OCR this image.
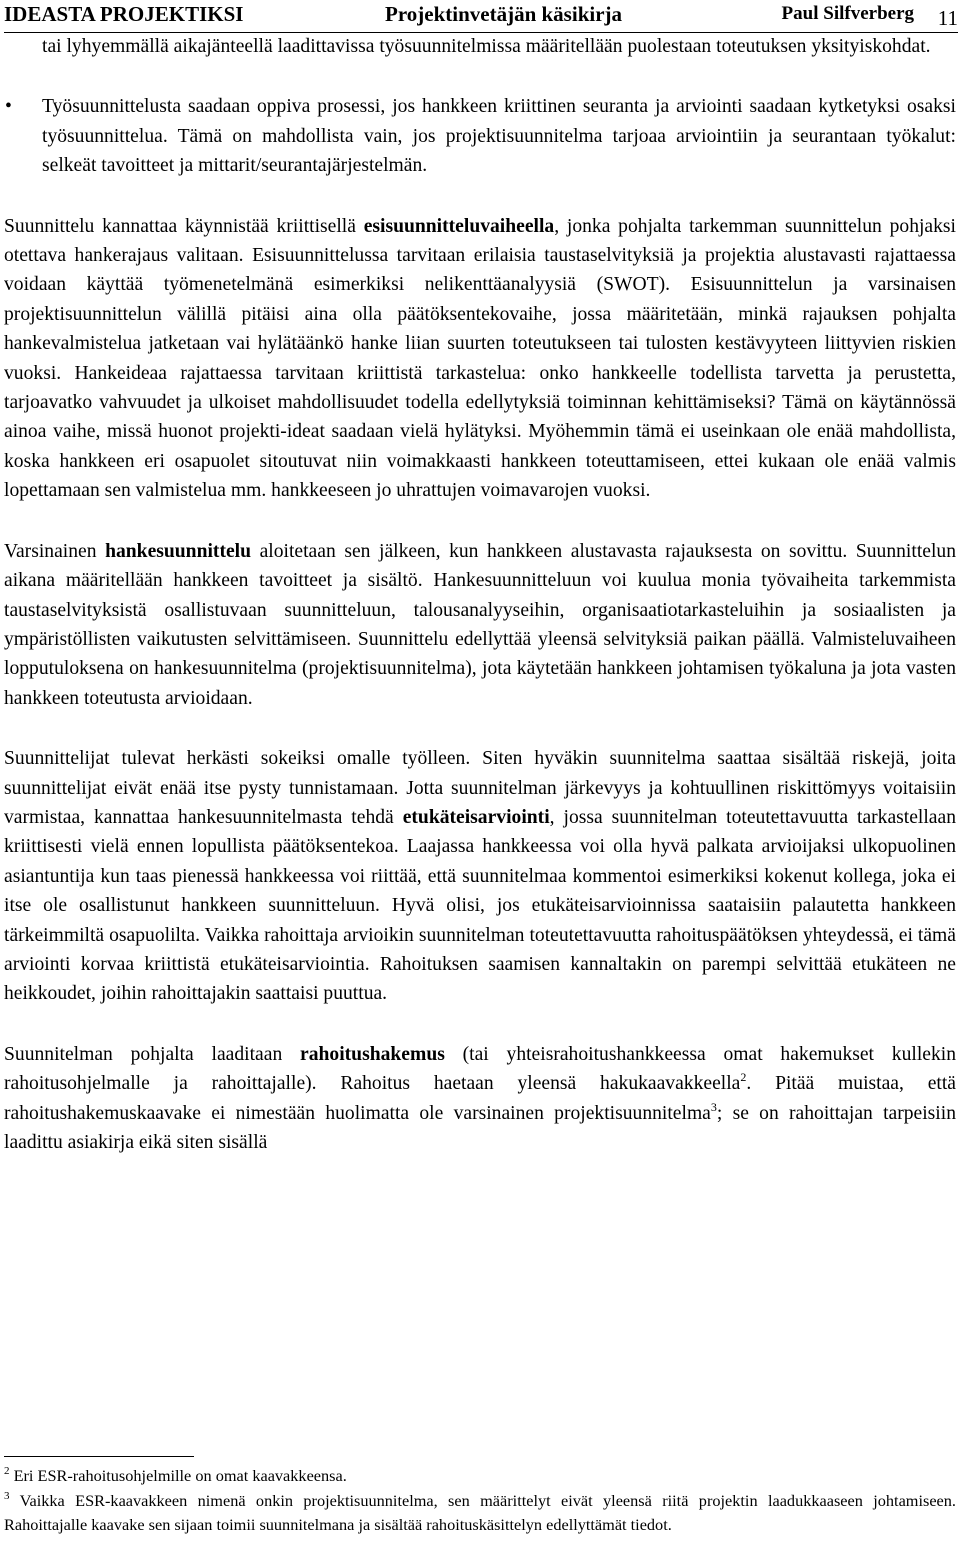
IDEASTA PROJEKTIKSI	Projektinvetäjän käsikirja	Paul Silfverberg 11

tai lyhyemmällä aikajänteellä laadittavissa työsuunnitelmissa määritellään puolestaan toteutuksen yksityiskohdat.

• Työsuunnittelusta saadaan oppiva prosessi, jos hankkeen kriittinen seuranta ja arviointi saadaan kytketyksi osaksi työsuunnittelua. Tämä on mahdollista vain, jos projektisuunnitelma tarjoaa arviointiin ja seurantaan työkalut: selkeät tavoitteet ja mittarit/seurantajärjestelmän.

Suunnittelu kannattaa käynnistää kriittisellä esisuunnitteluvaiheella, jonka pohjalta tarkemman suunnittelun pohjaksi otettava hankerajaus valitaan. Esisuunnittelussa tarvitaan erilaisia taustaselvityksiä ja projektia alustavasti rajattaessa voidaan käyttää työmenetelmänä esimerkiksi nelikenttäanalyysiä (SWOT). Esisuunnittelun ja varsinaisen projektisuunnittelun välillä pitäisi aina olla päätöksentekovaihe, jossa määritetään, minkä rajauksen pohjalta hankevalmistelua jatketaan vai hylätäänkö hanke liian suurten toteutukseen tai tulosten kestävyyteen liittyvien riskien vuoksi. Hankeideaa rajattaessa tarvitaan kriittistä tarkastelua: onko hankkeelle todellista tarvetta ja perustetta, tarjoavatko vahvuudet ja ulkoiset mahdollisuudet todella edellytyksiä toiminnan kehittämiseksi? Tämä on käytännössä ainoa vaihe, missä huonot projekti-ideat saadaan vielä hylätyksi. Myöhemmin tämä ei useinkaan ole enää mahdollista, koska hankkeen eri osapuolet sitoutuvat niin voimakkaasti hankkeen toteuttamiseen, ettei kukaan ole enää valmis lopettamaan sen valmistelua mm. hankkeeseen jo uhrattujen voimavarojen vuoksi.

Varsinainen hankesuunnittelu aloitetaan sen jälkeen, kun hankkeen alustavasta rajauksesta on sovittu. Suunnittelun aikana määritellään hankkeen tavoitteet ja sisältö. Hankesuunnitteluun voi kuulua monia työvaiheita tarkemmista taustaselvityksistä osallistuvaan suunnitteluun, talousanalyyseihin, organisaatiotarkasteluihin ja sosiaalisten ja ympäristöllisten vaikutusten selvittämiseen. Suunnittelu edellyttää yleensä selvityksiä paikan päällä. Valmisteluvaiheen lopputuloksena on hankesuunnitelma (projektisuunnitelma), jota käytetään hankkeen johtamisen työkaluna ja jota vasten hankkeen toteutusta arvioidaan.

Suunnittelijat tulevat herkästi sokeiksi omalle työlleen. Siten hyväkin suunnitelma saattaa sisältää riskejä, joita suunnittelijat eivät enää itse pysty tunnistamaan. Jotta suunnitelman järkevyys ja kohtuullinen riskittömyys voitaisiin varmistaa, kannattaa hankesuunnitelmasta tehdä etukäteisarviointi, jossa suunnitelman toteutettavuutta tarkastellaan kriittisesti vielä ennen lopullista päätöksentekoa. Laajassa hankkeessa voi olla hyvä palkata arvioijaksi ulkopuolinen asiantuntija kun taas pienessä hankkeessa voi riittää, että suunnitelmaa kommentoi esimerkiksi kokenut kollega, joka ei itse ole osallistunut hankkeen suunnitteluun. Hyvä olisi, jos etukäteisarvioinnissa saataisiin palautetta hankkeen tärkeimmiltä osapuolilta. Vaikka rahoittaja arvioikin suunnitelman toteutettavuutta rahoituspäätöksen yhteydessä, ei tämä arviointi korvaa kriittistä etukäteisarviointia. Rahoituksen saamisen kannaltakin on parempi selvittää etukäteen ne heikkoudet, joihin rahoittajakin saattaisi puuttua.

Suunnitelman pohjalta laaditaan rahoitushakemus (tai yhteisrahoitushankkeessa omat hakemukset kullekin rahoitusohjelmalle ja rahoittajalle). Rahoitus haetaan yleensä hakukaavakkeella$^2$. Pitää muistaa, että rahoitushakemuskaavake ei nimestään huolimatta ole varsinainen projektisuunnitelma$^3$; se on rahoittajan tarpeisiin laadittu asiakirja eikä siten sisällä

$^2$ Eri ESR-rahoitusohjelmille on omat kaavakkeensa.

$^3$ Vaikka ESR-kaavakkeen nimenä onkin projektisuunnitelma, sen määrittelyt eivät yleensä riitä projektin laadukkaaseen johtamiseen. Rahoittajalle kaavake sen sijaan toimii suunnitelmana ja sisältää rahoituskäsittelyn edellyttämät tiedot.
